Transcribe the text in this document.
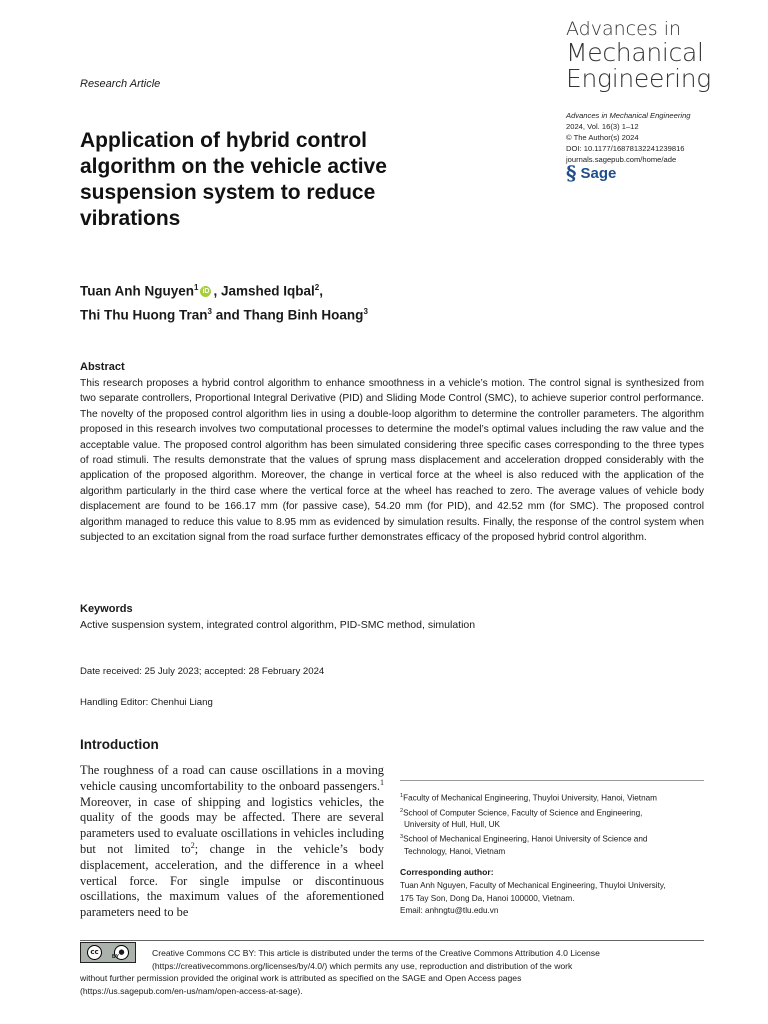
Advances in
Mechanical
Engineering
Research Article
Advances in Mechanical Engineering
2024, Vol. 16(3) 1–12
© The Author(s) 2024
DOI: 10.1177/16878132241239816
journals.sagepub.com/home/ade
§ Sage
Application of hybrid control algorithm on the vehicle active suspension system to reduce vibrations
Tuan Anh Nguyen$^1$ iD , Jamshed Iqbal$^2$,
Thi Thu Huong Tran$^3$ and Thang Binh Hoang$^3$
Abstract
This research proposes a hybrid control algorithm to enhance smoothness in a vehicle’s motion. The control signal is synthesized from two separate controllers, Proportional Integral Derivative (PID) and Sliding Mode Control (SMC), to achieve superior control performance. The novelty of the proposed control algorithm lies in using a double-loop algorithm to determine the controller parameters. The algorithm proposed in this research involves two computational processes to determine the model’s optimal values including the raw value and the acceptable value. The proposed control algorithm has been simulated considering three specific cases corresponding to the three types of road stimuli. The results demonstrate that the values of sprung mass displacement and acceleration dropped considerably with the application of the proposed algorithm. Moreover, the change in vertical force at the wheel is also reduced with the application of the algorithm particularly in the third case where the vertical force at the wheel has reached to zero. The average values of vehicle body displacement are found to be 166.17 mm (for passive case), 54.20 mm (for PID), and 42.52 mm (for SMC). The proposed control algorithm managed to reduce this value to 8.95 mm as evidenced by simulation results. Finally, the response of the control system when subjected to an excitation signal from the road surface further demonstrates efficacy of the proposed hybrid control algorithm.
Keywords
Active suspension system, integrated control algorithm, PID-SMC method, simulation
Date received: 25 July 2023; accepted: 28 February 2024
Handling Editor: Chenhui Liang
Introduction
The roughness of a road can cause oscillations in a moving vehicle causing uncomfortability to the onboard passengers.$^1$ Moreover, in case of shipping and logistics vehicles, the quality of the goods may be affected. There are several parameters used to evaluate oscillations in vehicles including but not limited $to^2$; change in the vehicle’s body displacement, acceleration, and the difference in a wheel vertical force. For single impulse or discontinuous oscillations, the maximum values of the aforementioned parameters need to be
$^1$Faculty of Mechanical Engineering, Thuyloi University, Hanoi, Vietnam
$^2$School of Computer Science, Faculty of Science and Engineering,
University of Hull, Hull, UK
$^3$School of Mechanical Engineering, Hanoi University of Science and
Technology, Hanoi, Vietnam
Corresponding author:
Tuan Anh Nguyen, Faculty of Mechanical Engineering, Thuyloi University,
175 Tay Son, Dong Da, Hanoi 100000, Vietnam.
Email: anhngtu@tlu.edu.vn
cc	●
BY	Creative Commons CC BY: This article is distributed under the terms of the Creative Commons Attribution 4.0 License
(https://creativecommons.org/licenses/by/4.0/) which permits any use, reproduction and distribution of the work
without further permission provided the original work is attributed as specified on the SAGE and Open Access pages
(https://us.sagepub.com/en-us/nam/open-access-at-sage).
